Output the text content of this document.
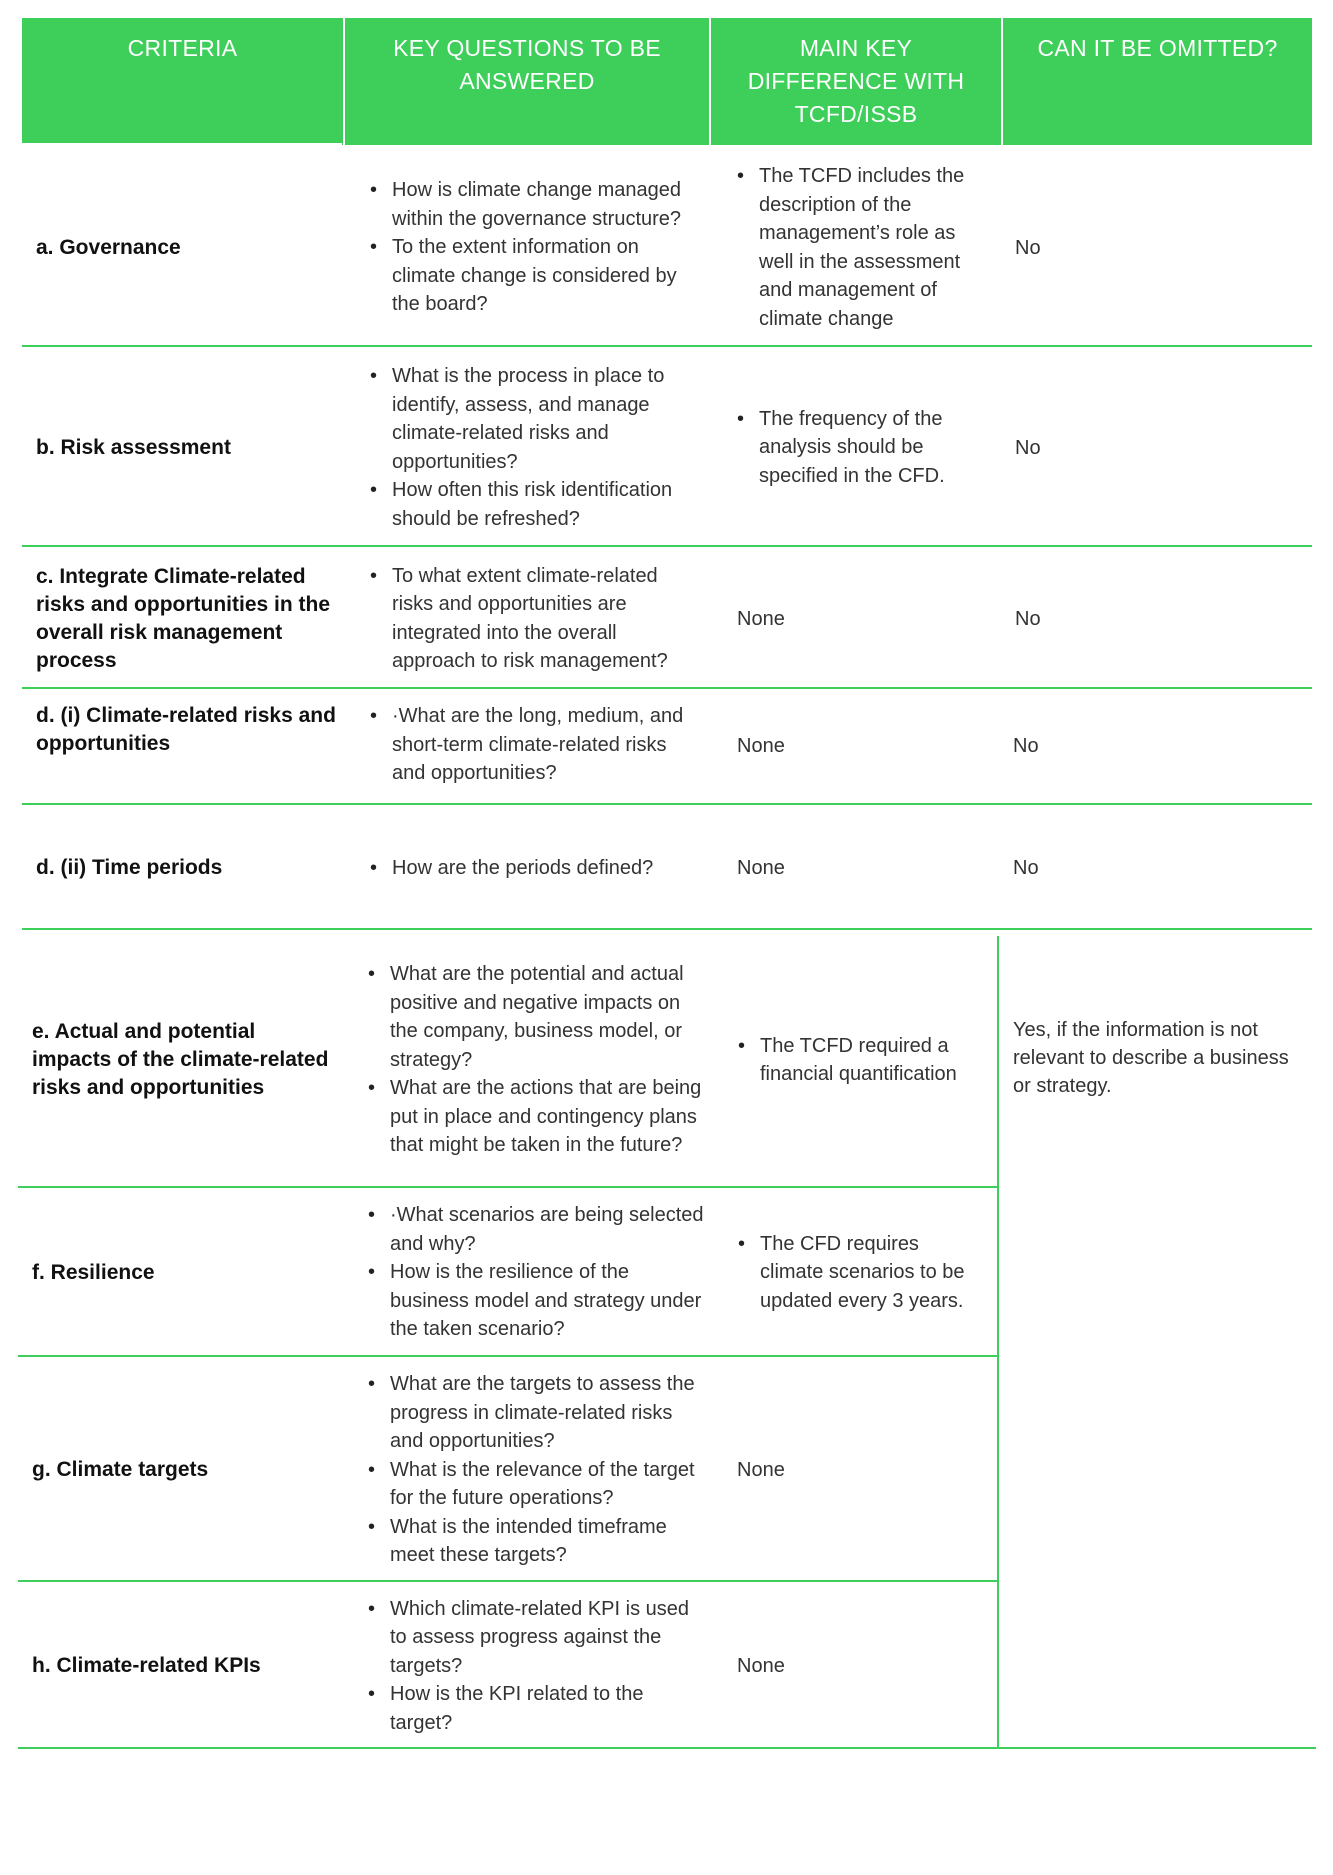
CRITERIA	KEY QUESTIONS TO BE ANSWERED
MAIN KEY DIFFERENCE WITH TCFD/ISSB
CAN IT BE OMITTED?
a. Governance
• How is climate change managed within the governance structure?
• To the extent information on climate change is considered by the board?
• The TCFD includes the description of the management’s role as well in the assessment and management of climate change
No
b. Risk assessment
• What is the process in place to identify, assess, and manage climate-related risks and opportunities?
• How often this risk identification should be refreshed?
• The frequency of the analysis should be specified in the CFD.
No
c. Integrate Climate-related risks and opportunities in the overall risk management process
• To what extent climate-related risks and opportunities are integrated into the overall approach to risk management?
None	No
d. (i) Climate-related risks and opportunities
• ·What are the long, medium, and short-term climate-related risks and opportunities?
None	No
d. (ii) Time periods
•	How are the periods defined?	None	No
Yes, if the information is not relevant to describe a business or strategy.
e. Actual and potential impacts of the climate-related risks and opportunities
• What are the potential and actual positive and negative impacts on the company, business model, or strategy?
• What are the actions that are being put in place and contingency plans that might be taken in the future?
• The TCFD required a financial quantification
f. Resilience
• ·What scenarios are being selected and why?
• How is the resilience of the business model and strategy under the taken scenario?
• The CFD requires climate scenarios to be updated every 3 years.
g. Climate targets
• What are the targets to assess the progress in climate-related risks and opportunities?
• What is the relevance of the target for the future operations?
• What is the intended timeframe meet these targets?
None
h. Climate-related KPIs
• Which climate-related KPI is used to assess progress against the targets?
• How is the KPI related to the target?
None
